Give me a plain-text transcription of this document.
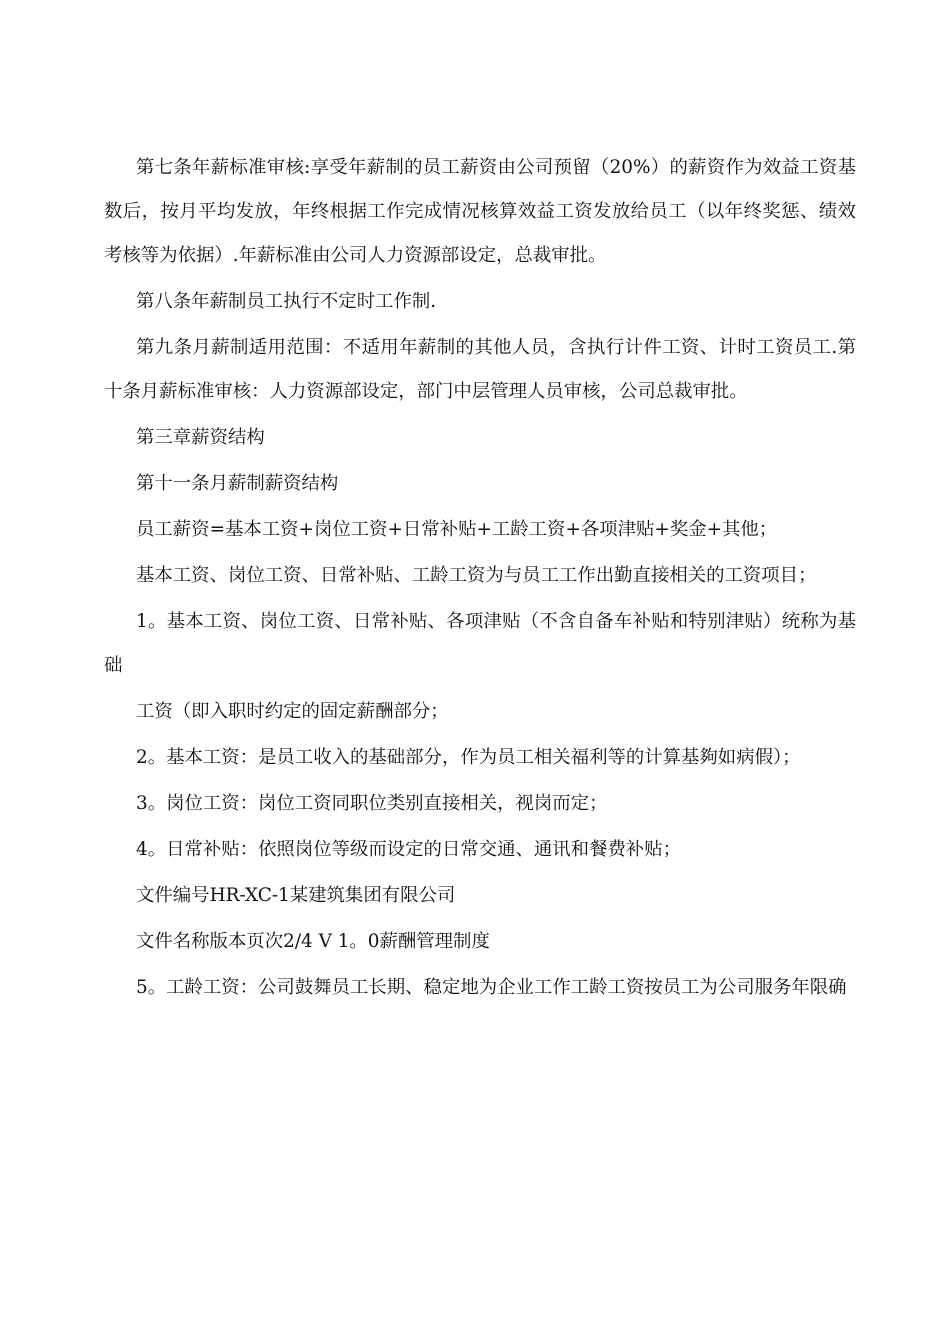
第七条年薪标准审核:享受年薪制的员工薪资由公司预留（20%）的薪资作为效益工资基数后，按月平均发放，年终根据工作完成情况核算效益工资发放给员工（以年终奖惩、绩效考核等为依据）.年薪标准由公司人力资源部设定，总裁审批。

第八条年薪制员工执行不定时工作制.

第九条月薪制适用范围：不适用年薪制的其他人员，含执行计件工资、计时工资员工.第十条月薪标准审核：人力资源部设定，部门中层管理人员审核，公司总裁审批。

第三章薪资结构

第十一条月薪制薪资结构

员工薪资=基本工资+岗位工资+日常补贴+工龄工资+各项津贴+奖金+其他；

基本工资、岗位工资、日常补贴、工龄工资为与员工工作出勤直接相关的工资项目；

1。基本工资、岗位工资、日常补贴、各项津贴（不含自备车补贴和特别津贴）统称为基础

工资（即入职时约定的固定薪酬部分；

2。基本工资：是员工收入的基础部分，作为员工相关福利等的计算基夠如病假）；

3。岗位工资：岗位工资同职位类别直接相关，视岗而定；

4。日常补贴：依照岗位等级而设定的日常交通、通讯和餐费补贴；

文件编号HR-XC-1某建筑集团有限公司

文件名称版本页次2/4 V 1。0薪酬管理制度

5。工龄工资：公司鼓舞员工长期、稳定地为企业工作工龄工资按员工为公司服务年限确
